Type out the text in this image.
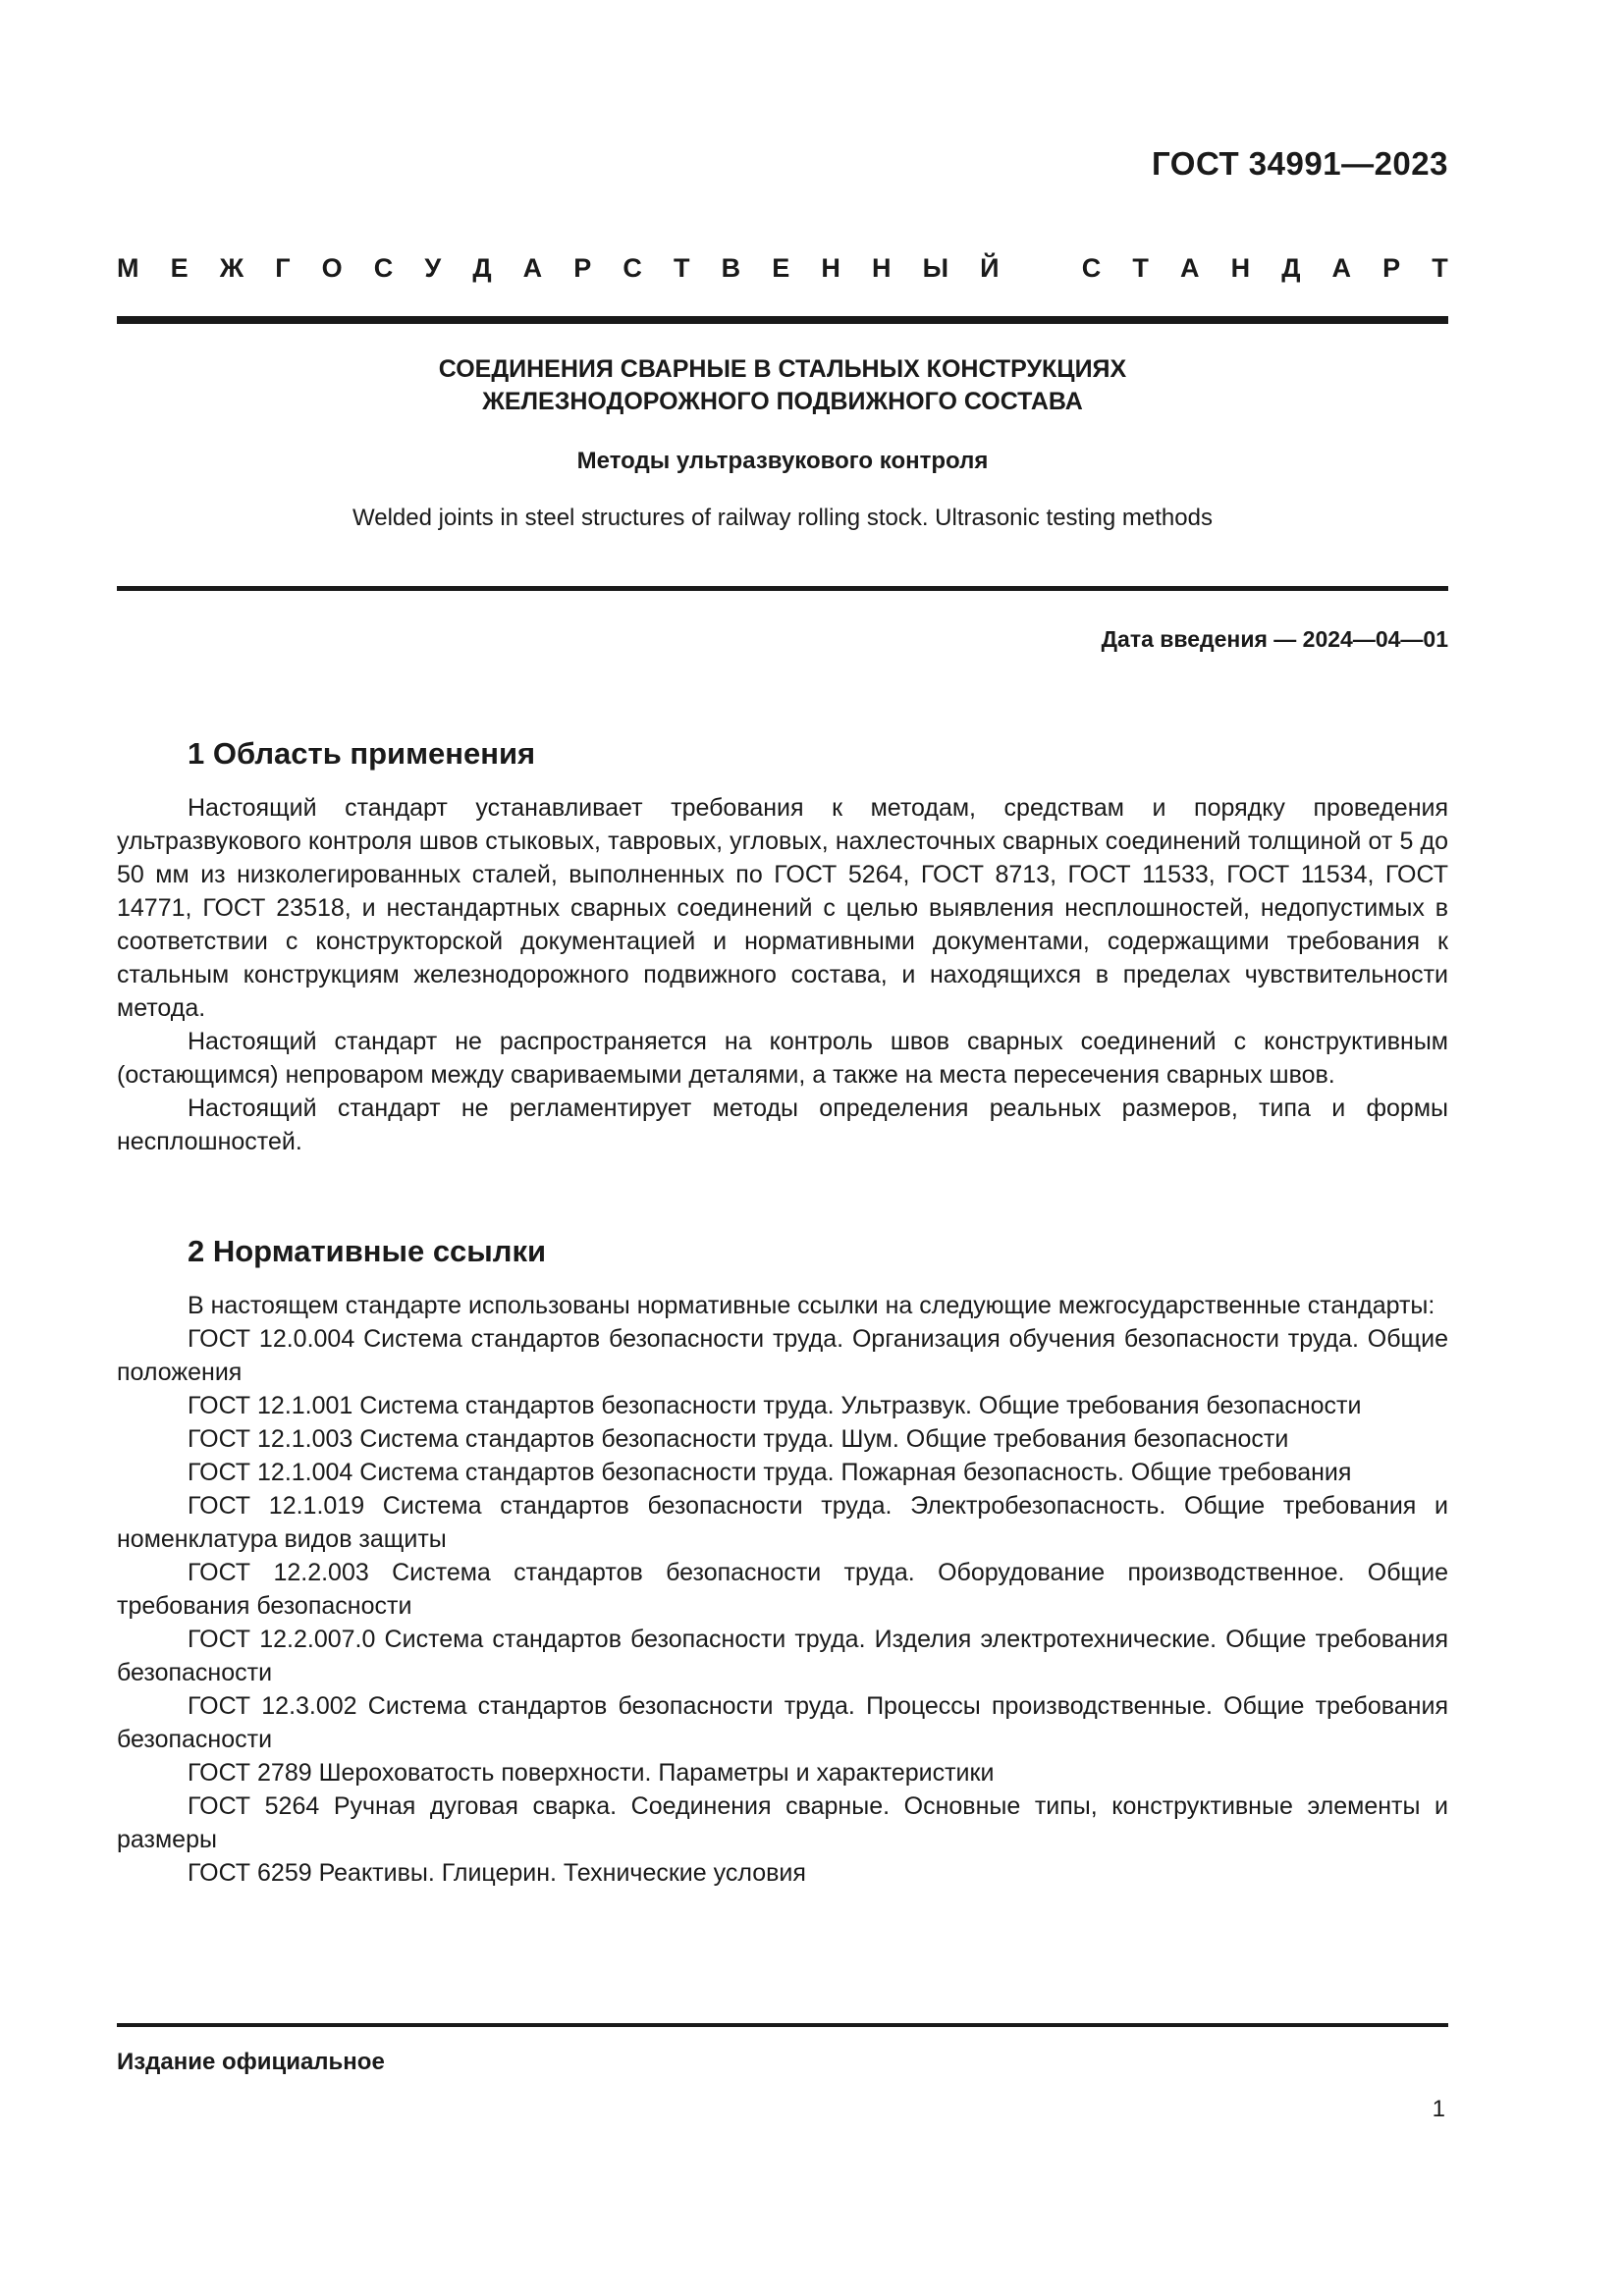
ГОСТ 34991—2023
М Е Ж Г О С У Д А Р С Т В Е Н Н Ы Й	С Т А Н Д А Р Т
СОЕДИНЕНИЯ СВАРНЫЕ В СТАЛЬНЫХ КОНСТРУКЦИЯХ
ЖЕЛЕЗНОДОРОЖНОГО ПОДВИЖНОГО СОСТАВА
Методы ультразвукового контроля
Welded joints in steel structures of railway rolling stock. Ultrasonic testing methods
Дата введения — 2024—04—01
1 Область применения

Настоящий стандарт устанавливает требования к методам, средствам и порядку проведения ультразвукового контроля швов стыковых, тавровых, угловых, нахлесточных сварных соединений толщиной от 5 до 50 мм из низколегированных сталей, выполненных по ГОСТ 5264, ГОСТ 8713, ГОСТ 11533, ГОСТ 11534, ГОСТ 14771, ГОСТ 23518, и нестандартных сварных соединений с целью выявления несплошностей, недопустимых в соответствии с конструкторской документацией и нормативными документами, содержащими требования к стальным конструкциям железнодорожного подвижного состава, и находящихся в пределах чувствительности метода.

Настоящий стандарт не распространяется на контроль швов сварных соединений с конструктивным (остающимся) непроваром между свариваемыми деталями, а также на места пересечения сварных швов.

Настоящий стандарт не регламентирует методы определения реальных размеров, типа и формы несплошностей.

2 Нормативные ссылки

В настоящем стандарте использованы нормативные ссылки на следующие межгосударственные стандарты:

ГОСТ 12.0.004 Система стандартов безопасности труда. Организация обучения безопасности труда. Общие положения
ГОСТ 12.1.001 Система стандартов безопасности труда. Ультразвук. Общие требования безопасности
ГОСТ 12.1.003 Система стандартов безопасности труда. Шум. Общие требования безопасности
ГОСТ 12.1.004 Система стандартов безопасности труда. Пожарная безопасность. Общие требования
ГОСТ 12.1.019 Система стандартов безопасности труда. Электробезопасность. Общие требования и номенклатура видов защиты
ГОСТ 12.2.003 Система стандартов безопасности труда. Оборудование производственное. Общие требования безопасности
ГОСТ 12.2.007.0 Система стандартов безопасности труда. Изделия электротехнические. Общие требования безопасности
ГОСТ 12.3.002 Система стандартов безопасности труда. Процессы производственные. Общие требования безопасности
ГОСТ 2789 Шероховатость поверхности. Параметры и характеристики
ГОСТ 5264 Ручная дуговая сварка. Соединения сварные. Основные типы, конструктивные элементы и размеры
ГОСТ 6259 Реактивы. Глицерин. Технические условия
Издание официальное
1
